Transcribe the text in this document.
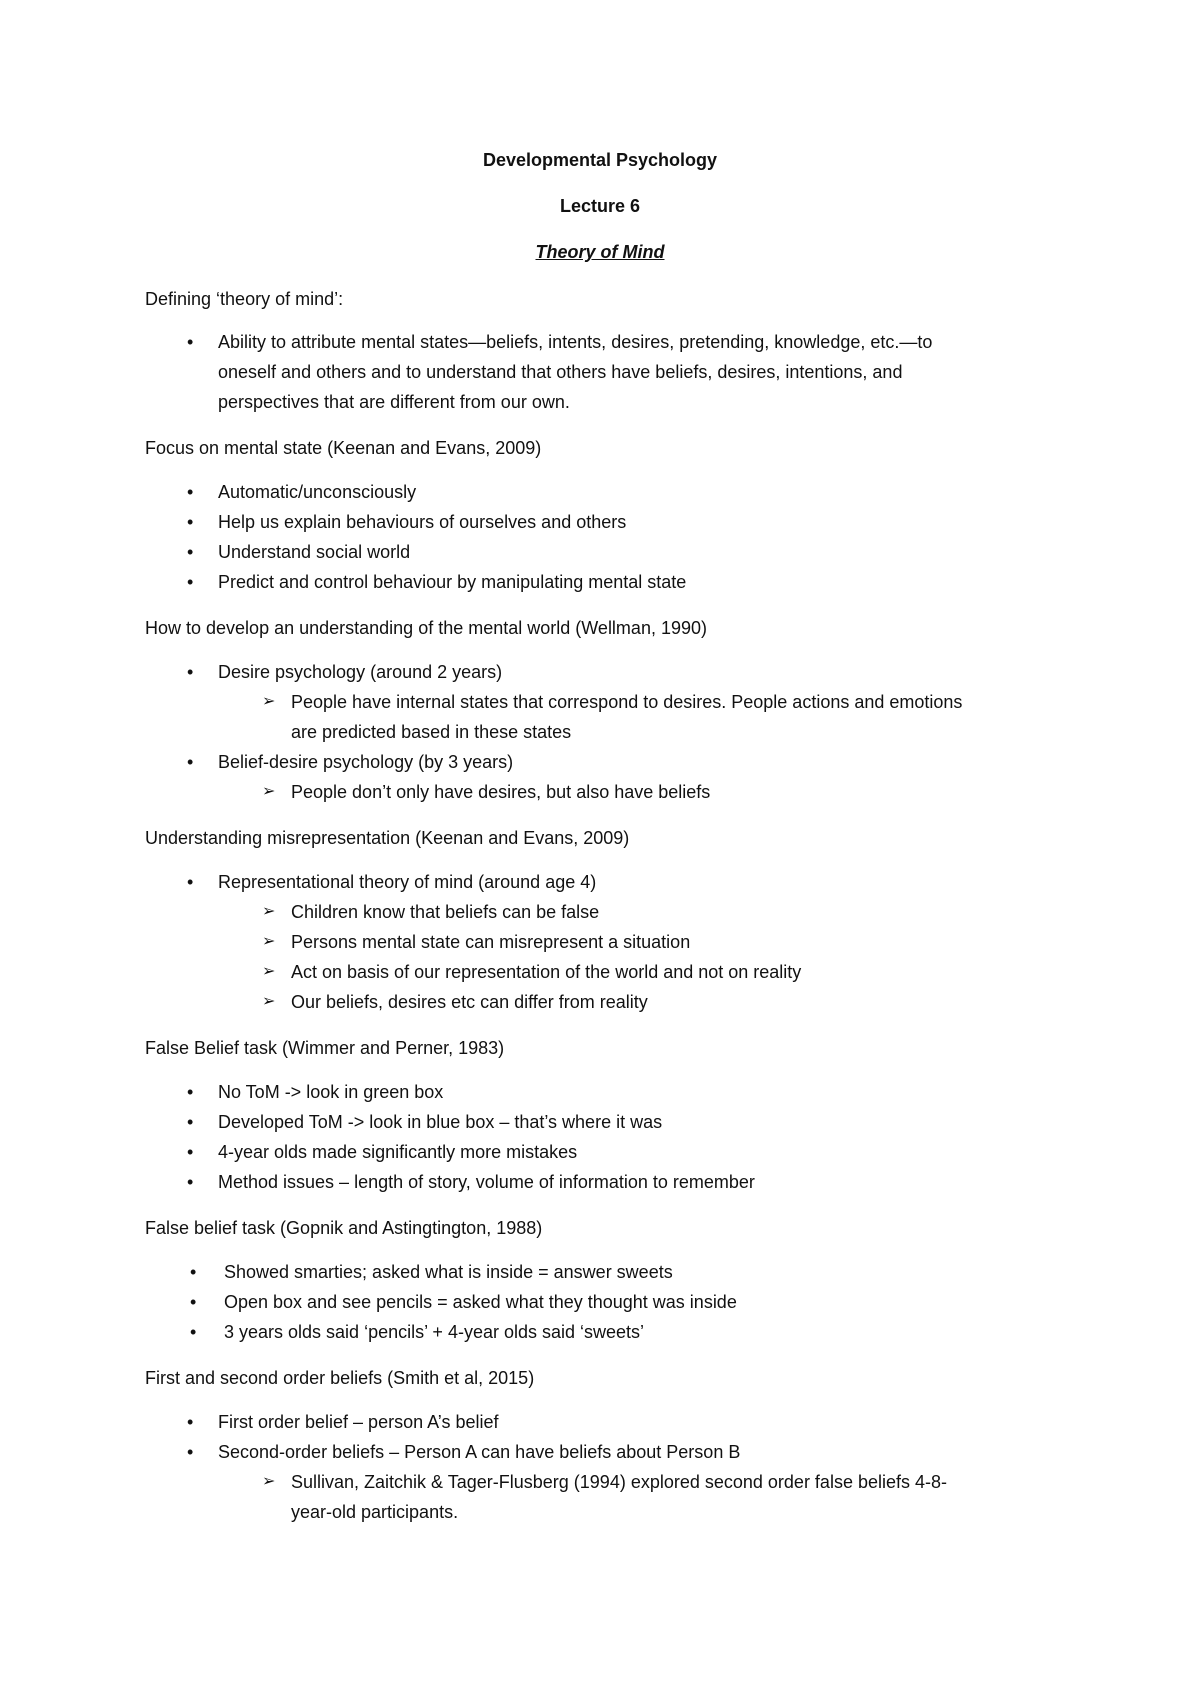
Developmental Psychology
Lecture 6
Theory of Mind
Defining ‘theory of mind’:
• Ability to attribute mental states—beliefs, intents, desires, pretending, knowledge, etc.—to
oneself and others and to understand that others have beliefs, desires, intentions, and
perspectives that are different from our own.
Focus on mental state (Keenan and Evans, 2009)
• Automatic/unconsciously
• Help us explain behaviours of ourselves and others
• Understand social world
• Predict and control behaviour by manipulating mental state
How to develop an understanding of the mental world (Wellman, 1990)
• Desire psychology (around 2 years)
➢ People have internal states that correspond to desires. People actions and emotions
are predicted based in these states
• Belief-desire psychology (by 3 years)
➢ People don’t only have desires, but also have beliefs
Understanding misrepresentation (Keenan and Evans, 2009)
• Representational theory of mind (around age 4)
➢ Children know that beliefs can be false
➢ Persons mental state can misrepresent a situation
➢ Act on basis of our representation of the world and not on reality
➢ Our beliefs, desires etc can differ from reality
False Belief task (Wimmer and Perner, 1983)
• No ToM -> look in green box
• Developed ToM -> look in blue box – that’s where it was
• 4-year olds made significantly more mistakes
• Method issues – length of story, volume of information to remember
False belief task (Gopnik and Astingtington, 1988)
• Showed smarties; asked what is inside = answer sweets
• Open box and see pencils = asked what they thought was inside
• 3 years olds said ‘pencils’ + 4-year olds said ‘sweets’
First and second order beliefs (Smith et al, 2015)
• First order belief – person A’s belief
• Second-order beliefs – Person A can have beliefs about Person B
➢ Sullivan, Zaitchik & Tager-Flusberg (1994) explored second order false beliefs 4-8-
year-old participants.
